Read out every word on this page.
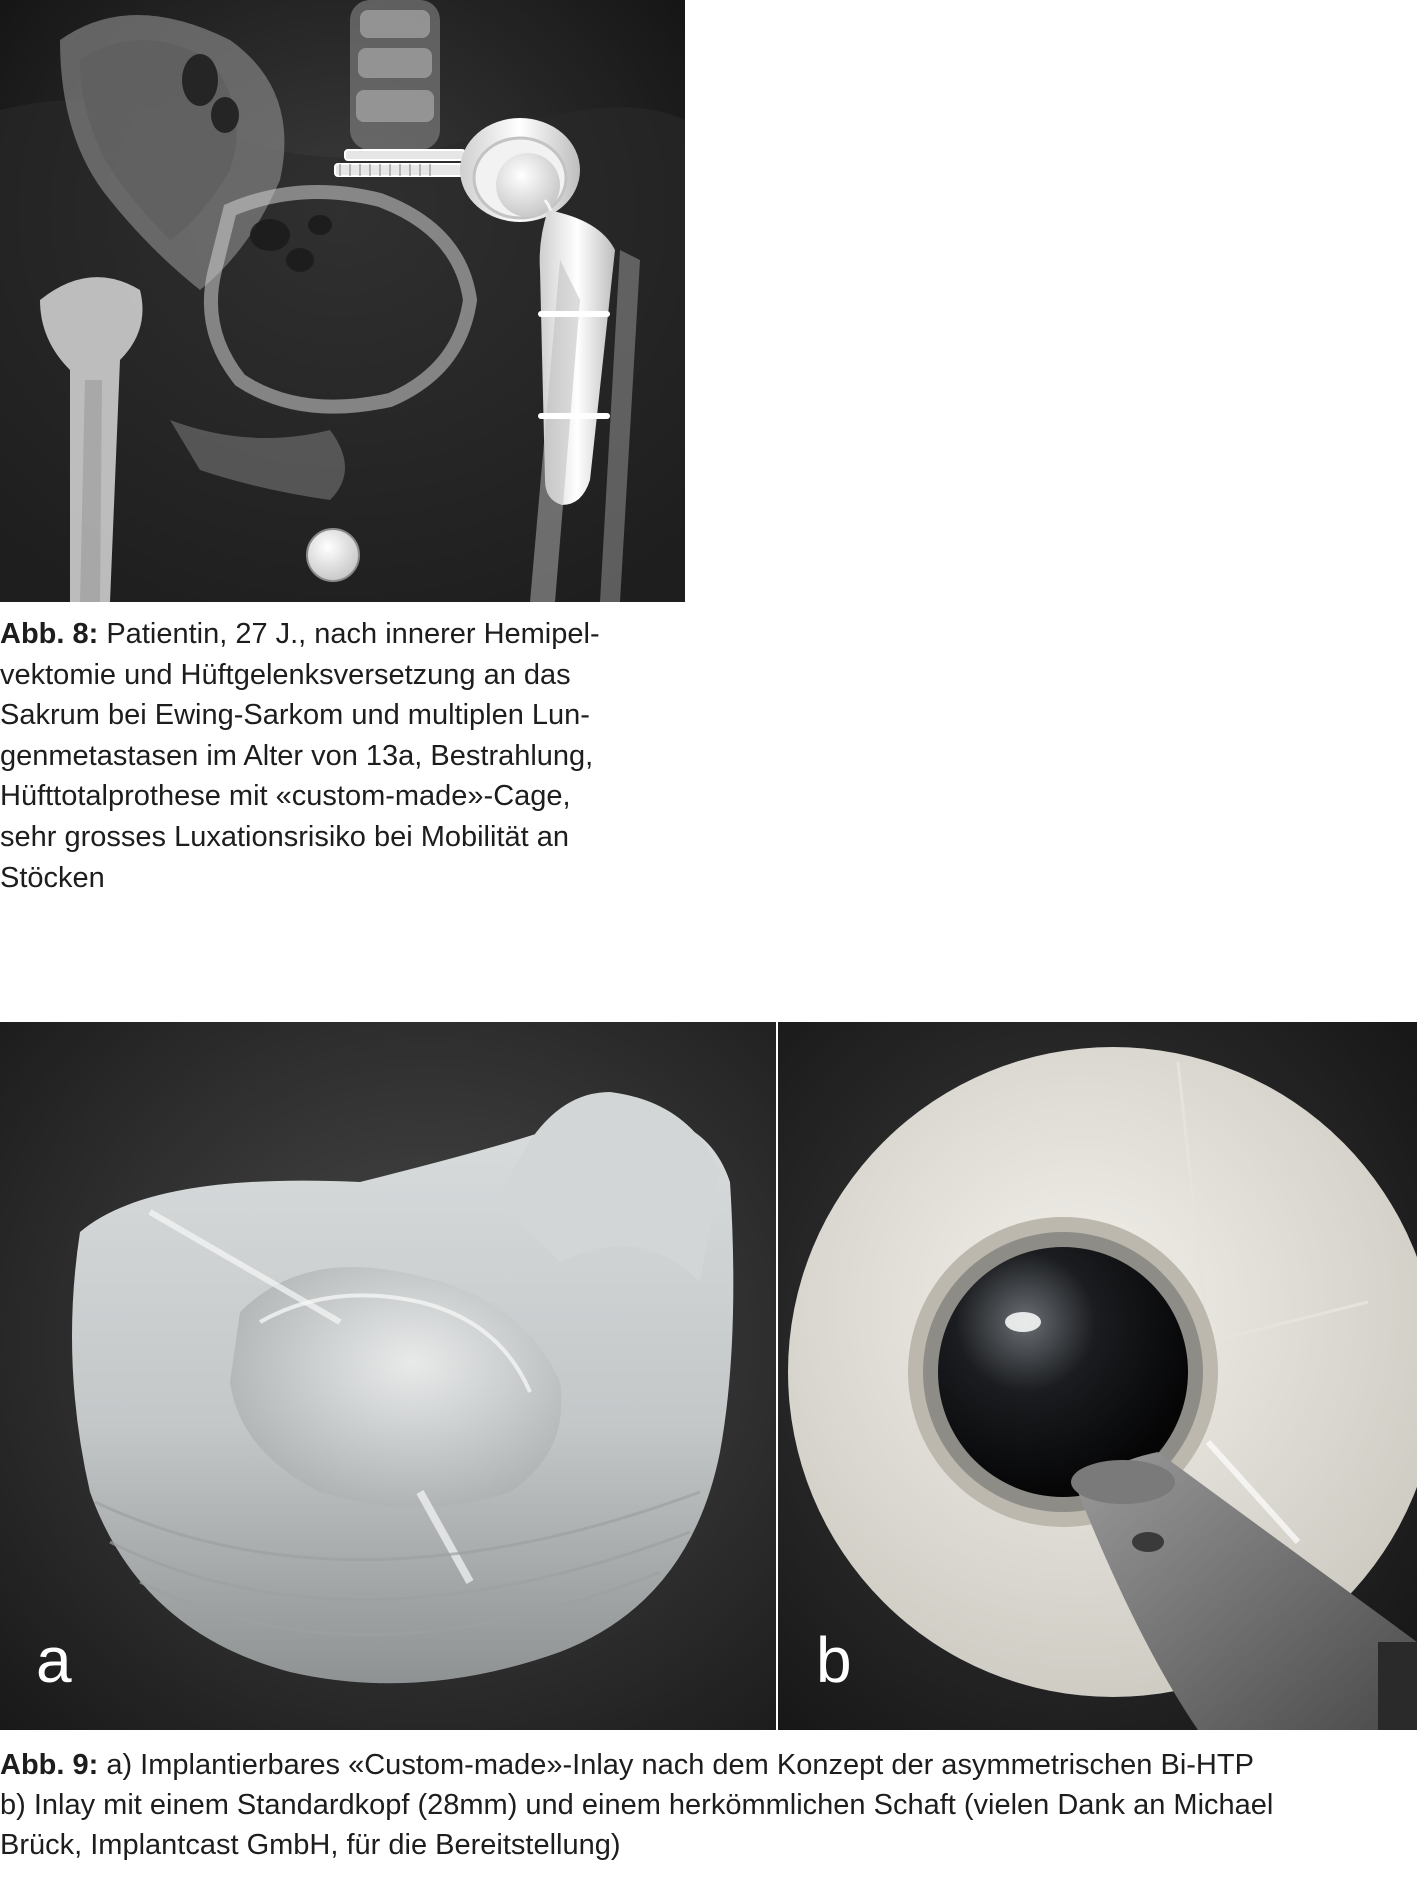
Abb. 8: Patientin, 27 J., nach innerer Hemipel-
vektomie und Hüftgelenksversetzung an das
Sakrum bei Ewing-Sarkom und multiplen Lun-
genmetastasen im Alter von 13a, Bestrahlung,
Hüfttotalprothese mit «custom-made»-Cage,
sehr grosses Luxationsrisiko bei Mobilität an
Stöcken
a	b
Abb. 9: a) Implantierbares «Custom-made»-Inlay nach dem Konzept der asymmetrischen Bi-HTP
b) Inlay mit einem Standardkopf (28mm) und einem herkömmlichen Schaft (vielen Dank an Michael
Brück, Implantcast GmbH, für die Bereitstellung)
